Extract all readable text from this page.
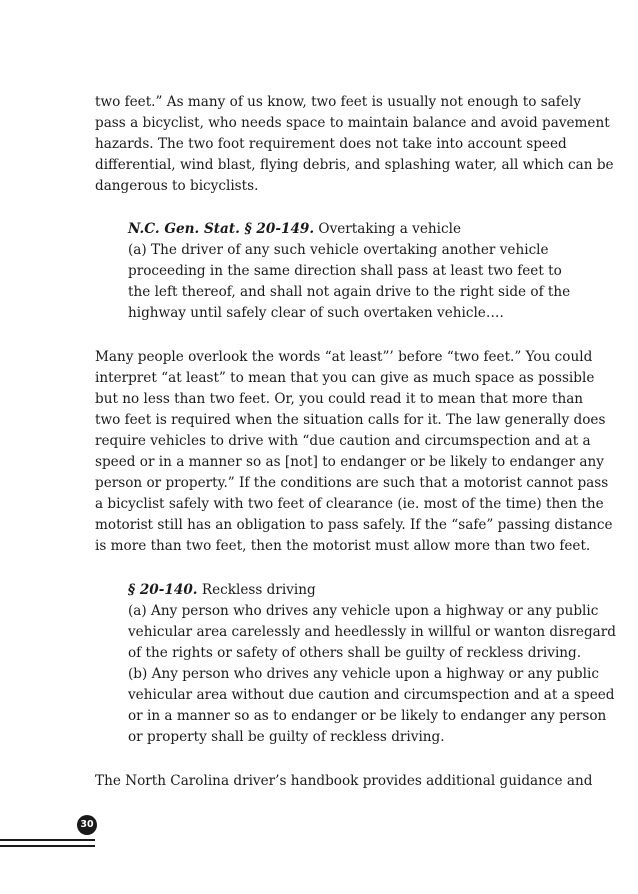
two feet.” As many of us know, two feet is usually not enough to safely
pass a bicyclist, who needs space to maintain balance and avoid pavement
hazards. The two foot requirement does not take into account speed
differential, wind blast, flying debris, and splashing water, all which can be
dangerous to bicyclists.
N.C. Gen. Stat. § 20-149. Overtaking a vehicle
(a) The driver of any such vehicle overtaking another vehicle
proceeding in the same direction shall pass at least two feet to
the left thereof, and shall not again drive to the right side of the
highway until safely clear of such overtaken vehicle….
Many people overlook the words “at least”’ before “two feet.” You could
interpret “at least” to mean that you can give as much space as possible
but no less than two feet. Or, you could read it to mean that more than
two feet is required when the situation calls for it. The law generally does
require vehicles to drive with “due caution and circumspection and at a
speed or in a manner so as [not] to endanger or be likely to endanger any
person or property.” If the conditions are such that a motorist cannot pass
a bicyclist safely with two feet of clearance (ie. most of the time) then the
motorist still has an obligation to pass safely. If the “safe” passing distance
is more than two feet, then the motorist must allow more than two feet.
§ 20-140. Reckless driving
(a) Any person who drives any vehicle upon a highway or any public
vehicular area carelessly and heedlessly in willful or wanton disregard
of the rights or safety of others shall be guilty of reckless driving.
(b) Any person who drives any vehicle upon a highway or any public
vehicular area without due caution and circumspection and at a speed
or in a manner so as to endanger or be likely to endanger any person
or property shall be guilty of reckless driving.
The North Carolina driver’s handbook provides additional guidance and
30
